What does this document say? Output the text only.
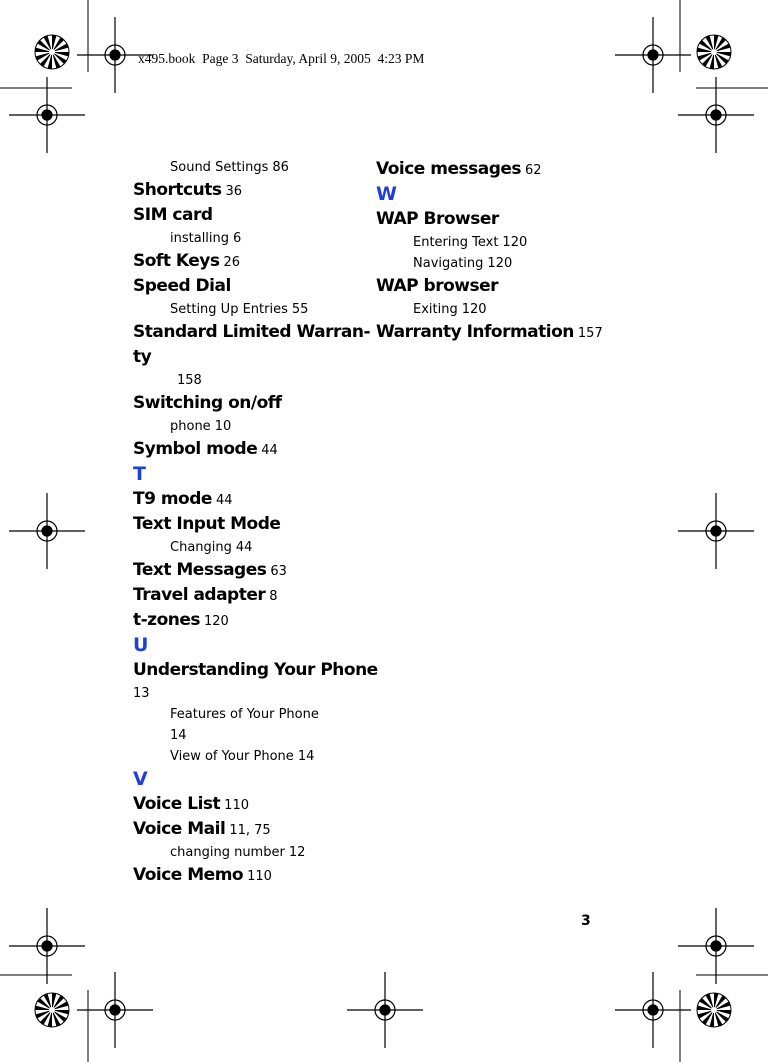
x495.book  Page 3  Saturday, April 9, 2005  4:23 PM
Sound Settings 86
Shortcuts 36
SIM card
installing 6
Soft Keys 26
Speed Dial
Setting Up Entries 55
Standard Limited Warran-
ty
158
Switching on/off
phone 10
Symbol mode 44
T
T9 mode 44
Text Input Mode
Changing 44
Text Messages 63
Travel adapter 8
t-zones 120
U
Understanding Your Phone
13
Features of Your Phone
14
View of Your Phone 14
V
Voice List 110
Voice Mail 11, 75
changing number 12
Voice Memo 110
Voice messages 62
W
WAP Browser
Entering Text 120
Navigating 120
WAP browser
Exiting 120
Warranty Information 157
3
